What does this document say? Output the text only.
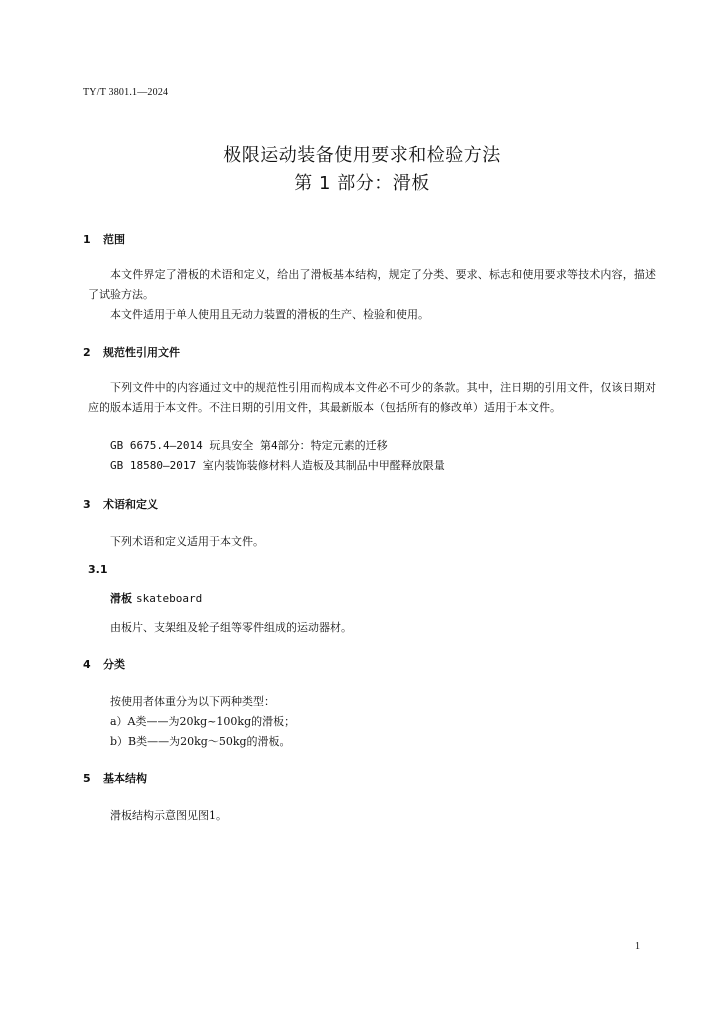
TY/T 3801.1—2024
极限运动装备使用要求和检验方法
第 1 部分：滑板
1 范围
本文件界定了滑板的术语和定义，给出了滑板基本结构，规定了分类、要求、标志和使用要求等技术内容，描述了试验方法。
本文件适用于单人使用且无动力装置的滑板的生产、检验和使用。
2 规范性引用文件
下列文件中的内容通过文中的规范性引用而构成本文件必不可少的条款。其中，注日期的引用文件，仅该日期对应的版本适用于本文件。不注日期的引用文件，其最新版本（包括所有的修改单）适用于本文件。
GB 6675.4—2014 玩具安全 第4部分：特定元素的迁移
GB 18580—2017 室内装饰装修材料人造板及其制品中甲醛释放限量
3 术语和定义
下列术语和定义适用于本文件。
3.1
滑板 skateboard
由板片、支架组及轮子组等零件组成的运动器材。
4 分类
按使用者体重分为以下两种类型：
a）A类——为20kg~100kg的滑板；
b）B类——为20kg～50kg的滑板。
5 基本结构
滑板结构示意图见图1。
1
